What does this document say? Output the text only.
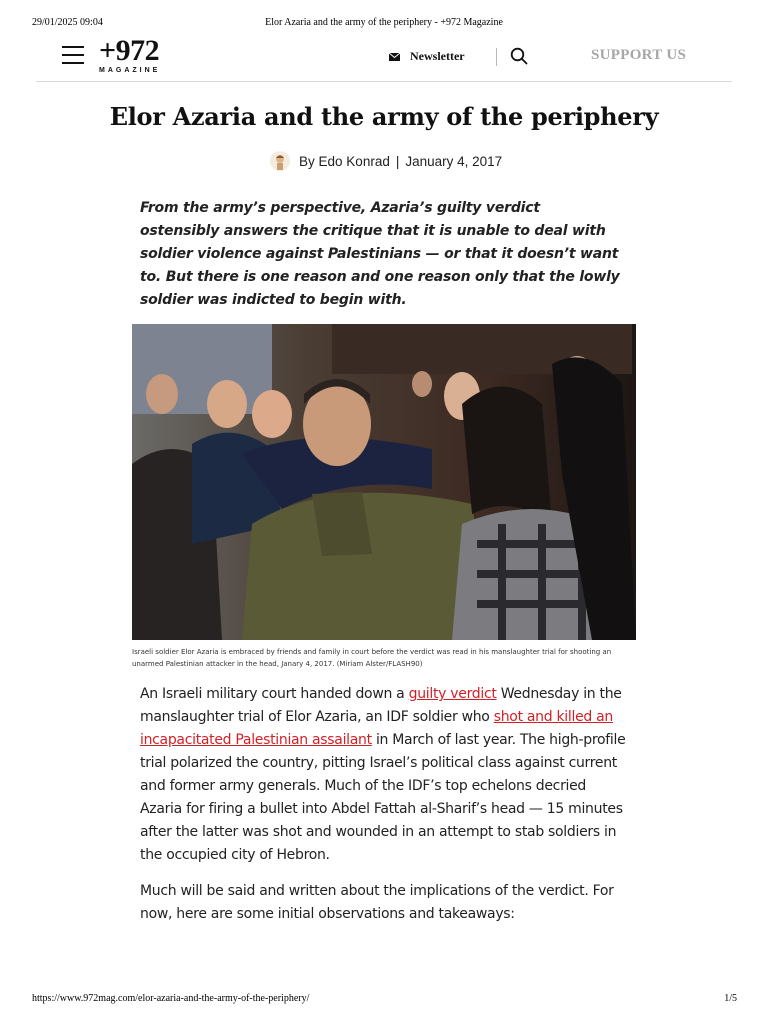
29/01/2025 09:04	Elor Azaria and the army of the periphery - +972 Magazine
+972
MAGAZINE
Newsletter	SUPPORT US
Elor Azaria and the army of the periphery
By
Edo Konrad | January 4, 2017

From the army’s perspective, Azaria’s guilty verdict ostensibly answers the critique that it is unable to deal with soldier violence against Palestinians — or that it doesn’t want to. But there is one reason and one reason only that the lowly soldier was indicted to begin with.

Israeli soldier Elor Azaria is embraced by friends and family in court before the verdict was read in his manslaughter trial for shooting an unarmed Palestinian attacker in the head, Janary 4, 2017. (Miriam Alster/FLASH90)

An Israeli military court handed down a guilty verdict Wednesday in the manslaughter trial of Elor Azaria, an IDF soldier who shot and killed an incapacitated Palestinian assailant in March of last year. The high-profile trial polarized the country, pitting Israel’s political class against current and former army generals. Much of the IDF’s top echelons decried Azaria for firing a bullet into Abdel Fattah al-Sharif’s head — 15 minutes after the latter was shot and wounded in an attempt to stab soldiers in the occupied city of Hebron.

Much will be said and written about the implications of the verdict. For now, here are some initial observations and takeaways:

https://www.972mag.com/elor-azaria-and-the-army-of-the-periphery/	1/5
